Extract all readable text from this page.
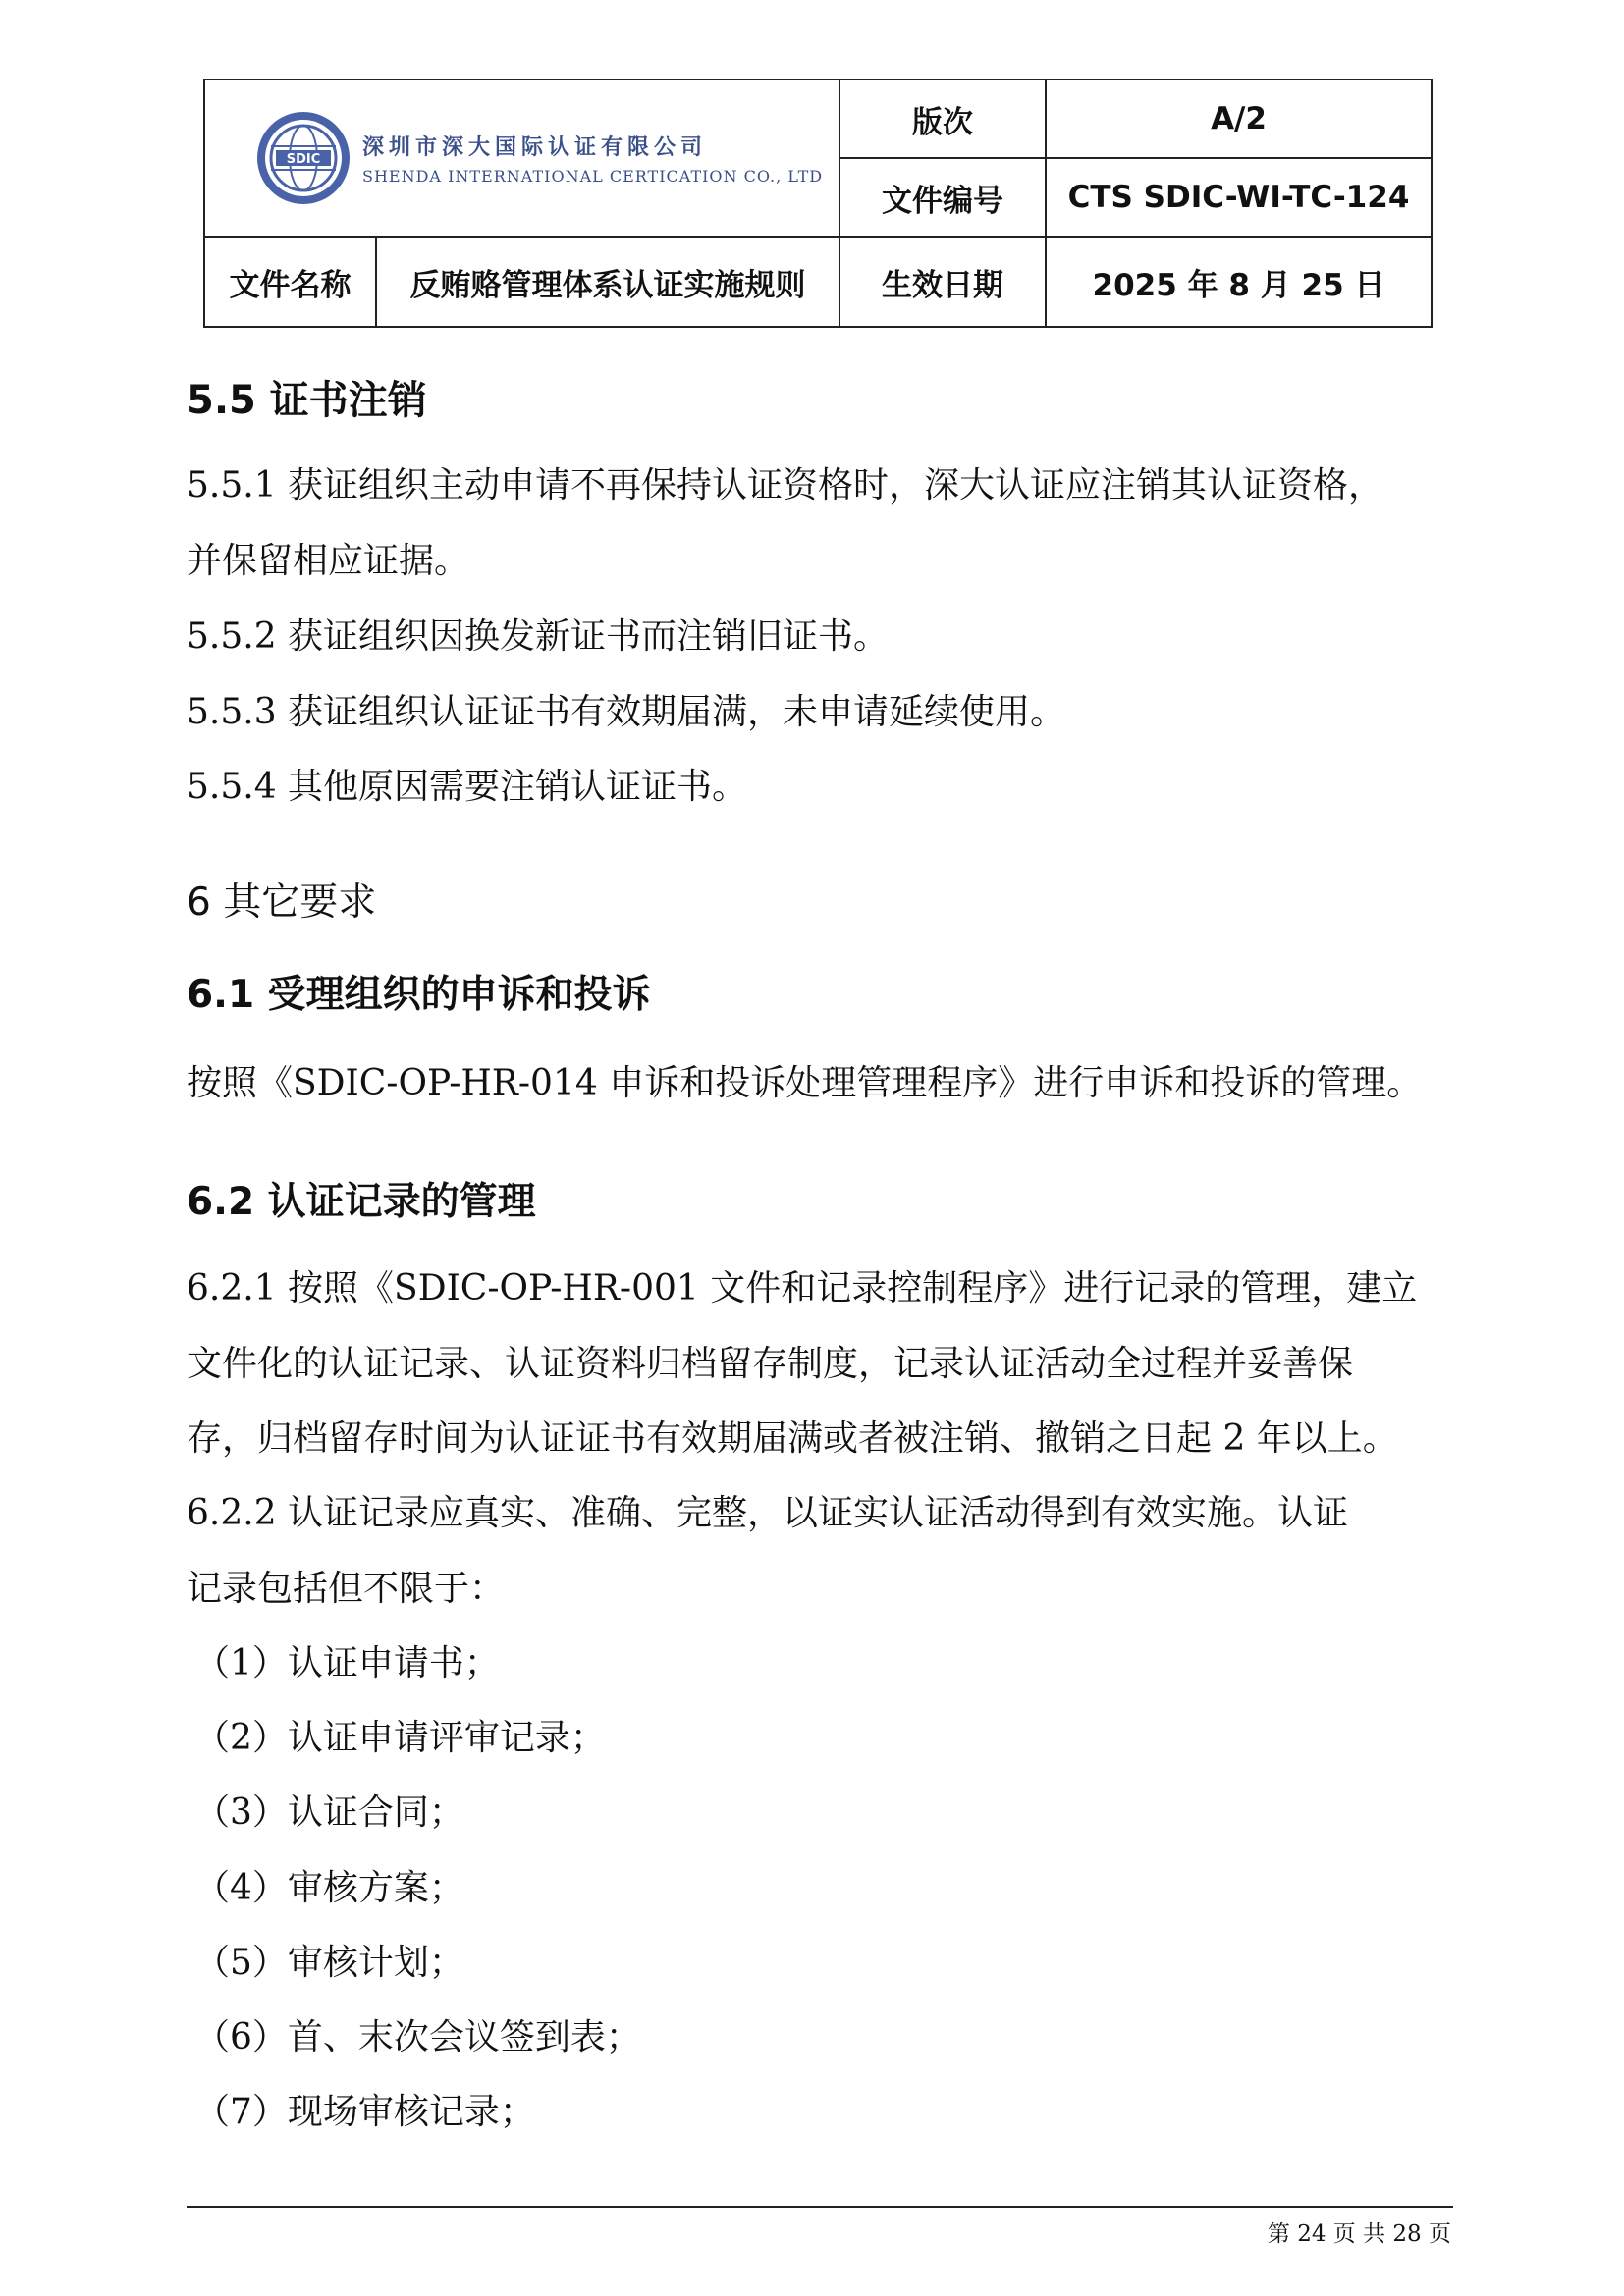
SDIC 深圳市深大国际认证有限公司
SHENDA INTERNATIONAL CERTICATION CO., LTD		版次	A/2
		文件编号	CTS SDIC-WI-TC-124
文件名称	反贿赂管理体系认证实施规则	生效日期	2025 年 8 月 25 日
5.5 证书注销
5.5.1 获证组织主动申请不再保持认证资格时，深大认证应注销其认证资格，
并保留相应证据。
5.5.2 获证组织因换发新证书而注销旧证书。
5.5.3 获证组织认证证书有效期届满，未申请延续使用。
5.5.4 其他原因需要注销认证证书。
6 其它要求
6.1 受理组织的申诉和投诉
按照《SDIC-OP-HR-014 申诉和投诉处理管理程序》进行申诉和投诉的管理。
6.2 认证记录的管理
6.2.1 按照《SDIC-OP-HR-001 文件和记录控制程序》进行记录的管理，建立
文件化的认证记录、认证资料归档留存制度，记录认证活动全过程并妥善保
存，归档留存时间为认证证书有效期届满或者被注销、撤销之日起 2 年以上。
6.2.2 认证记录应真实、准确、完整，以证实认证活动得到有效实施。认证
记录包括但不限于：
（1）认证申请书；
（2）认证申请评审记录；
（3）认证合同；
（4）审核方案；
（5）审核计划；
（6）首、末次会议签到表；
（7）现场审核记录；
第 24 页 共 28 页
